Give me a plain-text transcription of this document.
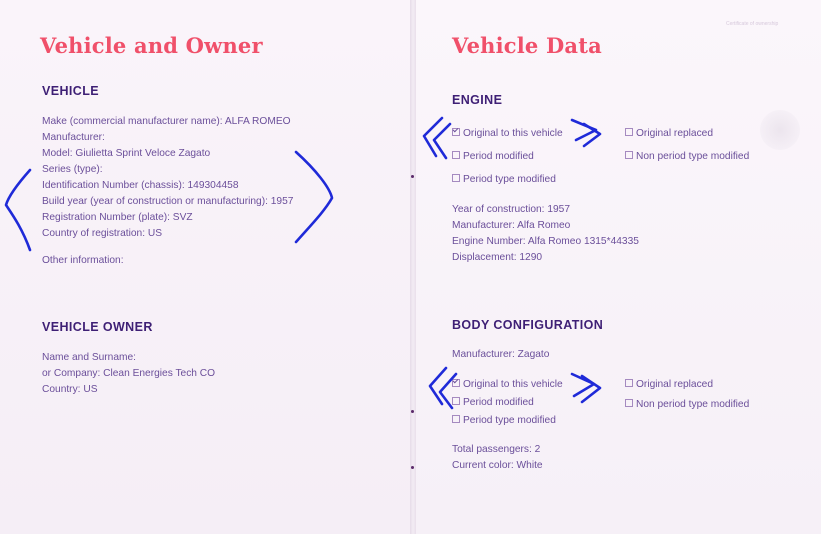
Vehicle and Owner
VEHICLE
Make (commercial manufacturer name): ALFA ROMEO
Manufacturer:
Model: Giulietta Sprint Veloce Zagato
Series (type):
Identification Number (chassis): 149304458
Build year (year of construction or manufacturing): 1957
Registration Number (plate): SVZ
Country of registration: US
Other information:
VEHICLE OWNER
Name and Surname:
or Company: Clean Energies Tech CO
Country: US
Certificate of ownership
Vehicle Data
ENGINE
Original to this vehicle	Original replaced
Period modified	Non period type modified
Period type modified
Year of construction: 1957
Manufacturer: Alfa Romeo
Engine Number: Alfa Romeo 1315*44335
Displacement: 1290
BODY CONFIGURATION
Manufacturer: Zagato
Original to this vehicle	Original replaced
Period modified	Non period type modified
Period type modified
Total passengers: 2
Current color: White
